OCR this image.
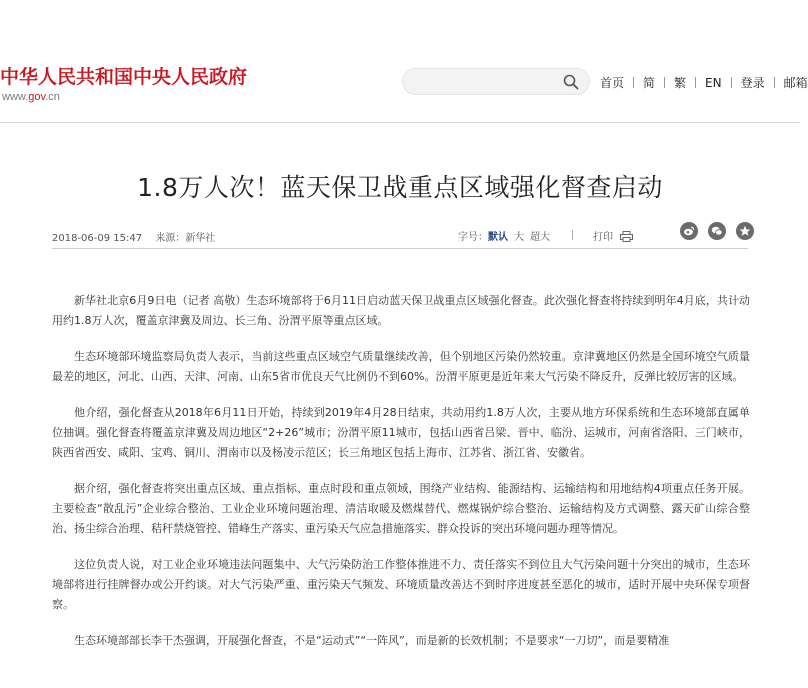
中华人民共和国中央人民政府
www.gov.cn
首页 简 繁 EN 登录 邮箱
1.8万人次！蓝天保卫战重点区域强化督查启动
2018-06-09 15:47 来源：新华社	字号：默认 大 超大	打印

新华社北京6月9日电（记者 高敬）生态环境部将于6月11日启动蓝天保卫战重点区域强化督查。此次强化督查将持续到明年4月底，共计动用约1.8万人次，覆盖京津冀及周边、长三角、汾渭平原等重点区域。

生态环境部环境监察局负责人表示，当前这些重点区域空气质量继续改善，但个别地区污染仍然较重。京津冀地区仍然是全国环境空气质量最差的地区，河北、山西、天津、河南、山东5省市优良天气比例仍不到60%。汾渭平原更是近年来大气污染不降反升，反弹比较厉害的区域。

他介绍，强化督查从2018年6月11日开始，持续到2019年4月28日结束，共动用约1.8万人次，主要从地方环保系统和生态环境部直属单位抽调。强化督查将覆盖京津冀及周边地区“2+26”城市；汾渭平原11城市，包括山西省吕梁、晋中、临汾、运城市，河南省洛阳、三门峡市，陕西省西安、咸阳、宝鸡、铜川、渭南市以及杨凌示范区；长三角地区包括上海市、江苏省、浙江省、安徽省。

据介绍，强化督查将突出重点区域、重点指标、重点时段和重点领域，围绕产业结构、能源结构、运输结构和用地结构4项重点任务开展。主要检查“散乱污”企业综合整治、工业企业环境问题治理、清洁取暖及燃煤替代、燃煤锅炉综合整治、运输结构及方式调整、露天矿山综合整治、扬尘综合治理、秸秆禁烧管控、错峰生产落实、重污染天气应急措施落实、群众投诉的突出环境问题办理等情况。

这位负责人说，对工业企业环境违法问题集中、大气污染防治工作整体推进不力、责任落实不到位且大气污染问题十分突出的城市，生态环境部将进行挂牌督办或公开约谈。对大气污染严重、重污染天气频发、环境质量改善达不到时序进度甚至恶化的城市，适时开展中央环保专项督察。

生态环境部部长李干杰强调，开展强化督查，不是“运动式”“一阵风”，而是新的长效机制；不是要求“一刀切”，而是要精准
